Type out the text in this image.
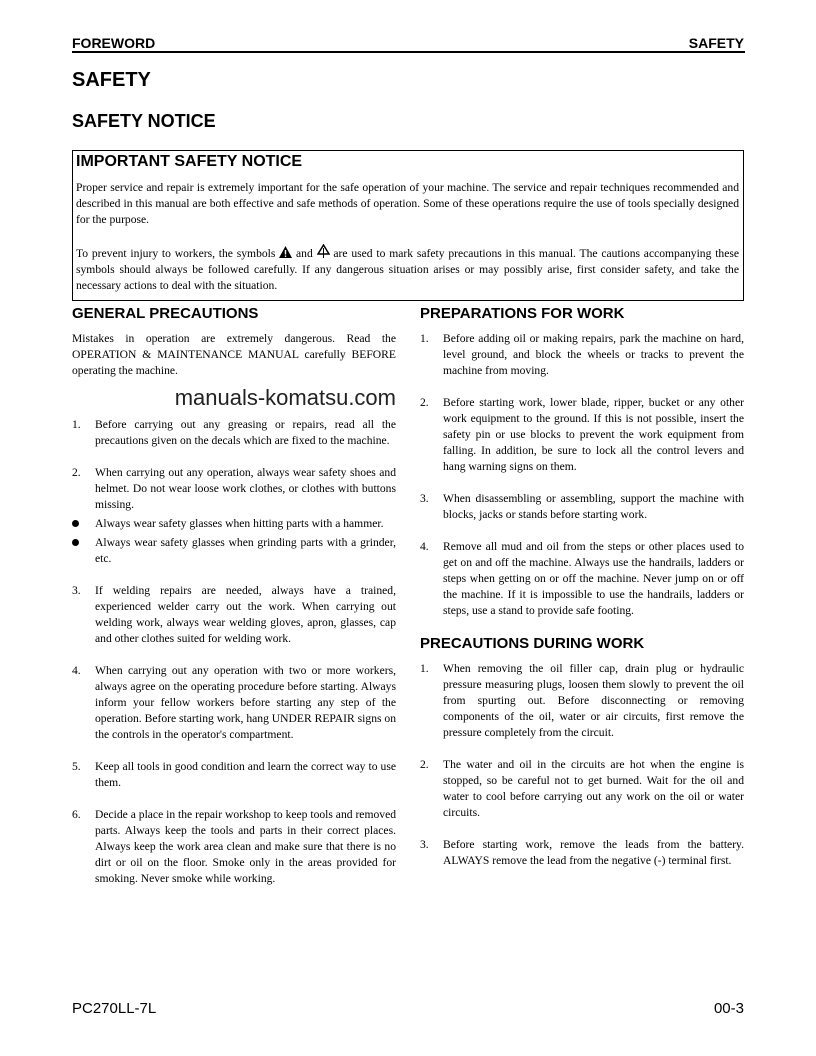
FOREWORD	SAFETY
SAFETY
SAFETY NOTICE
IMPORTANT SAFETY NOTICE

Proper service and repair is extremely important for the safe operation of your machine. The service and repair techniques recommended and described in this manual are both effective and safe methods of operation. Some of these operations require the use of tools specially designed for the purpose.

To prevent injury to workers, the symbols and are used to mark safety precautions in this manual. The cautions accompanying these symbols should always be followed carefully. If any dangerous situation arises or may possibly arise, first consider safety, and take the necessary actions to deal with the situation.

GENERAL PRECAUTIONS
Mistakes in operation are extremely dangerous. Read the OPERATION & MAINTENANCE MANUAL carefully BEFORE operating the machine.
manuals-komatsu.com
1. Before carrying out any greasing or repairs, read all the precautions given on the decals which are fixed to the machine.
2. When carrying out any operation, always wear safety shoes and helmet. Do not wear loose work clothes, or clothes with buttons missing.
Always wear safety glasses when hitting parts with a hammer.
Always wear safety glasses when grinding parts with a grinder, etc.
3. If welding repairs are needed, always have a trained, experienced welder carry out the work. When carrying out welding work, always wear welding gloves, apron, glasses, cap and other clothes suited for welding work.
4. When carrying out any operation with two or more workers, always agree on the operating procedure before starting. Always inform your fellow workers before starting any step of the operation. Before starting work, hang UNDER REPAIR signs on the controls in the operator's compartment.
5. Keep all tools in good condition and learn the correct way to use them.
6. Decide a place in the repair workshop to keep tools and removed parts. Always keep the tools and parts in their correct places. Always keep the work area clean and make sure that there is no dirt or oil on the floor. Smoke only in the areas provided for smoking. Never smoke while working.
PREPARATIONS FOR WORK
1. Before adding oil or making repairs, park the machine on hard, level ground, and block the wheels or tracks to prevent the machine from moving.
2. Before starting work, lower blade, ripper, bucket or any other work equipment to the ground. If this is not possible, insert the safety pin or use blocks to prevent the work equipment from falling. In addition, be sure to lock all the control levers and hang warning signs on them.
3. When disassembling or assembling, support the machine with blocks, jacks or stands before starting work.
4. Remove all mud and oil from the steps or other places used to get on and off the machine. Always use the handrails, ladders or steps when getting on or off the machine. Never jump on or off the machine. If it is impossible to use the handrails, ladders or steps, use a stand to provide safe footing.
PRECAUTIONS DURING WORK
1. When removing the oil filler cap, drain plug or hydraulic pressure measuring plugs, loosen them slowly to prevent the oil from spurting out. Before disconnecting or removing components of the oil, water or air circuits, first remove the pressure completely from the circuit.
2. The water and oil in the circuits are hot when the engine is stopped, so be careful not to get burned. Wait for the oil and water to cool before carrying out any work on the oil or water circuits.
3. Before starting work, remove the leads from the battery. ALWAYS remove the lead from the negative (-) terminal first.
PC270LL-7L	00-3
